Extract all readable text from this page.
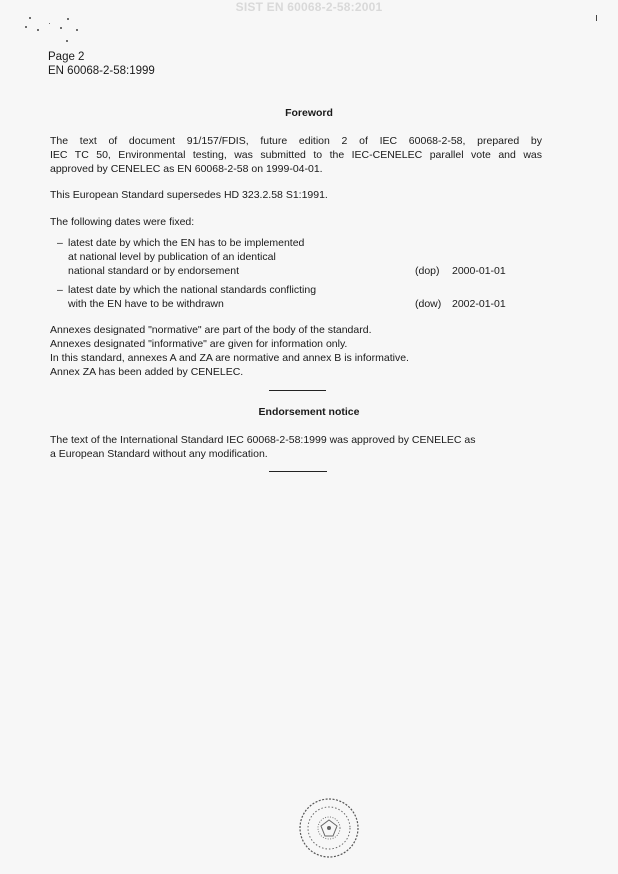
SIST EN 60068-2-58:2001
Page 2
EN 60068-2-58:1999
Foreword
The text of document 91/157/FDIS, future edition 2 of IEC 60068-2-58, prepared by
IEC TC 50, Environmental testing, was submitted to the IEC-CENELEC parallel vote and was
approved by CENELEC as EN 60068-2-58 on 1999-04-01.
This European Standard supersedes HD 323.2.58 S1:1991.
The following dates were fixed:
– latest date by which the EN has to be implemented
at national level by publication of an identical
national standard or by endorsement	(dop)	2000-01-01
– latest date by which the national standards conflicting
with the EN have to be withdrawn	(dow)	2002-01-01
Annexes designated "normative" are part of the body of the standard.
Annexes designated "informative" are given for information only.
In this standard, annexes A and ZA are normative and annex B is informative.
Annex ZA has been added by CENELEC.
Endorsement notice
The text of the International Standard IEC 60068-2-58:1999 was approved by CENELEC as
a European Standard without any modification.
